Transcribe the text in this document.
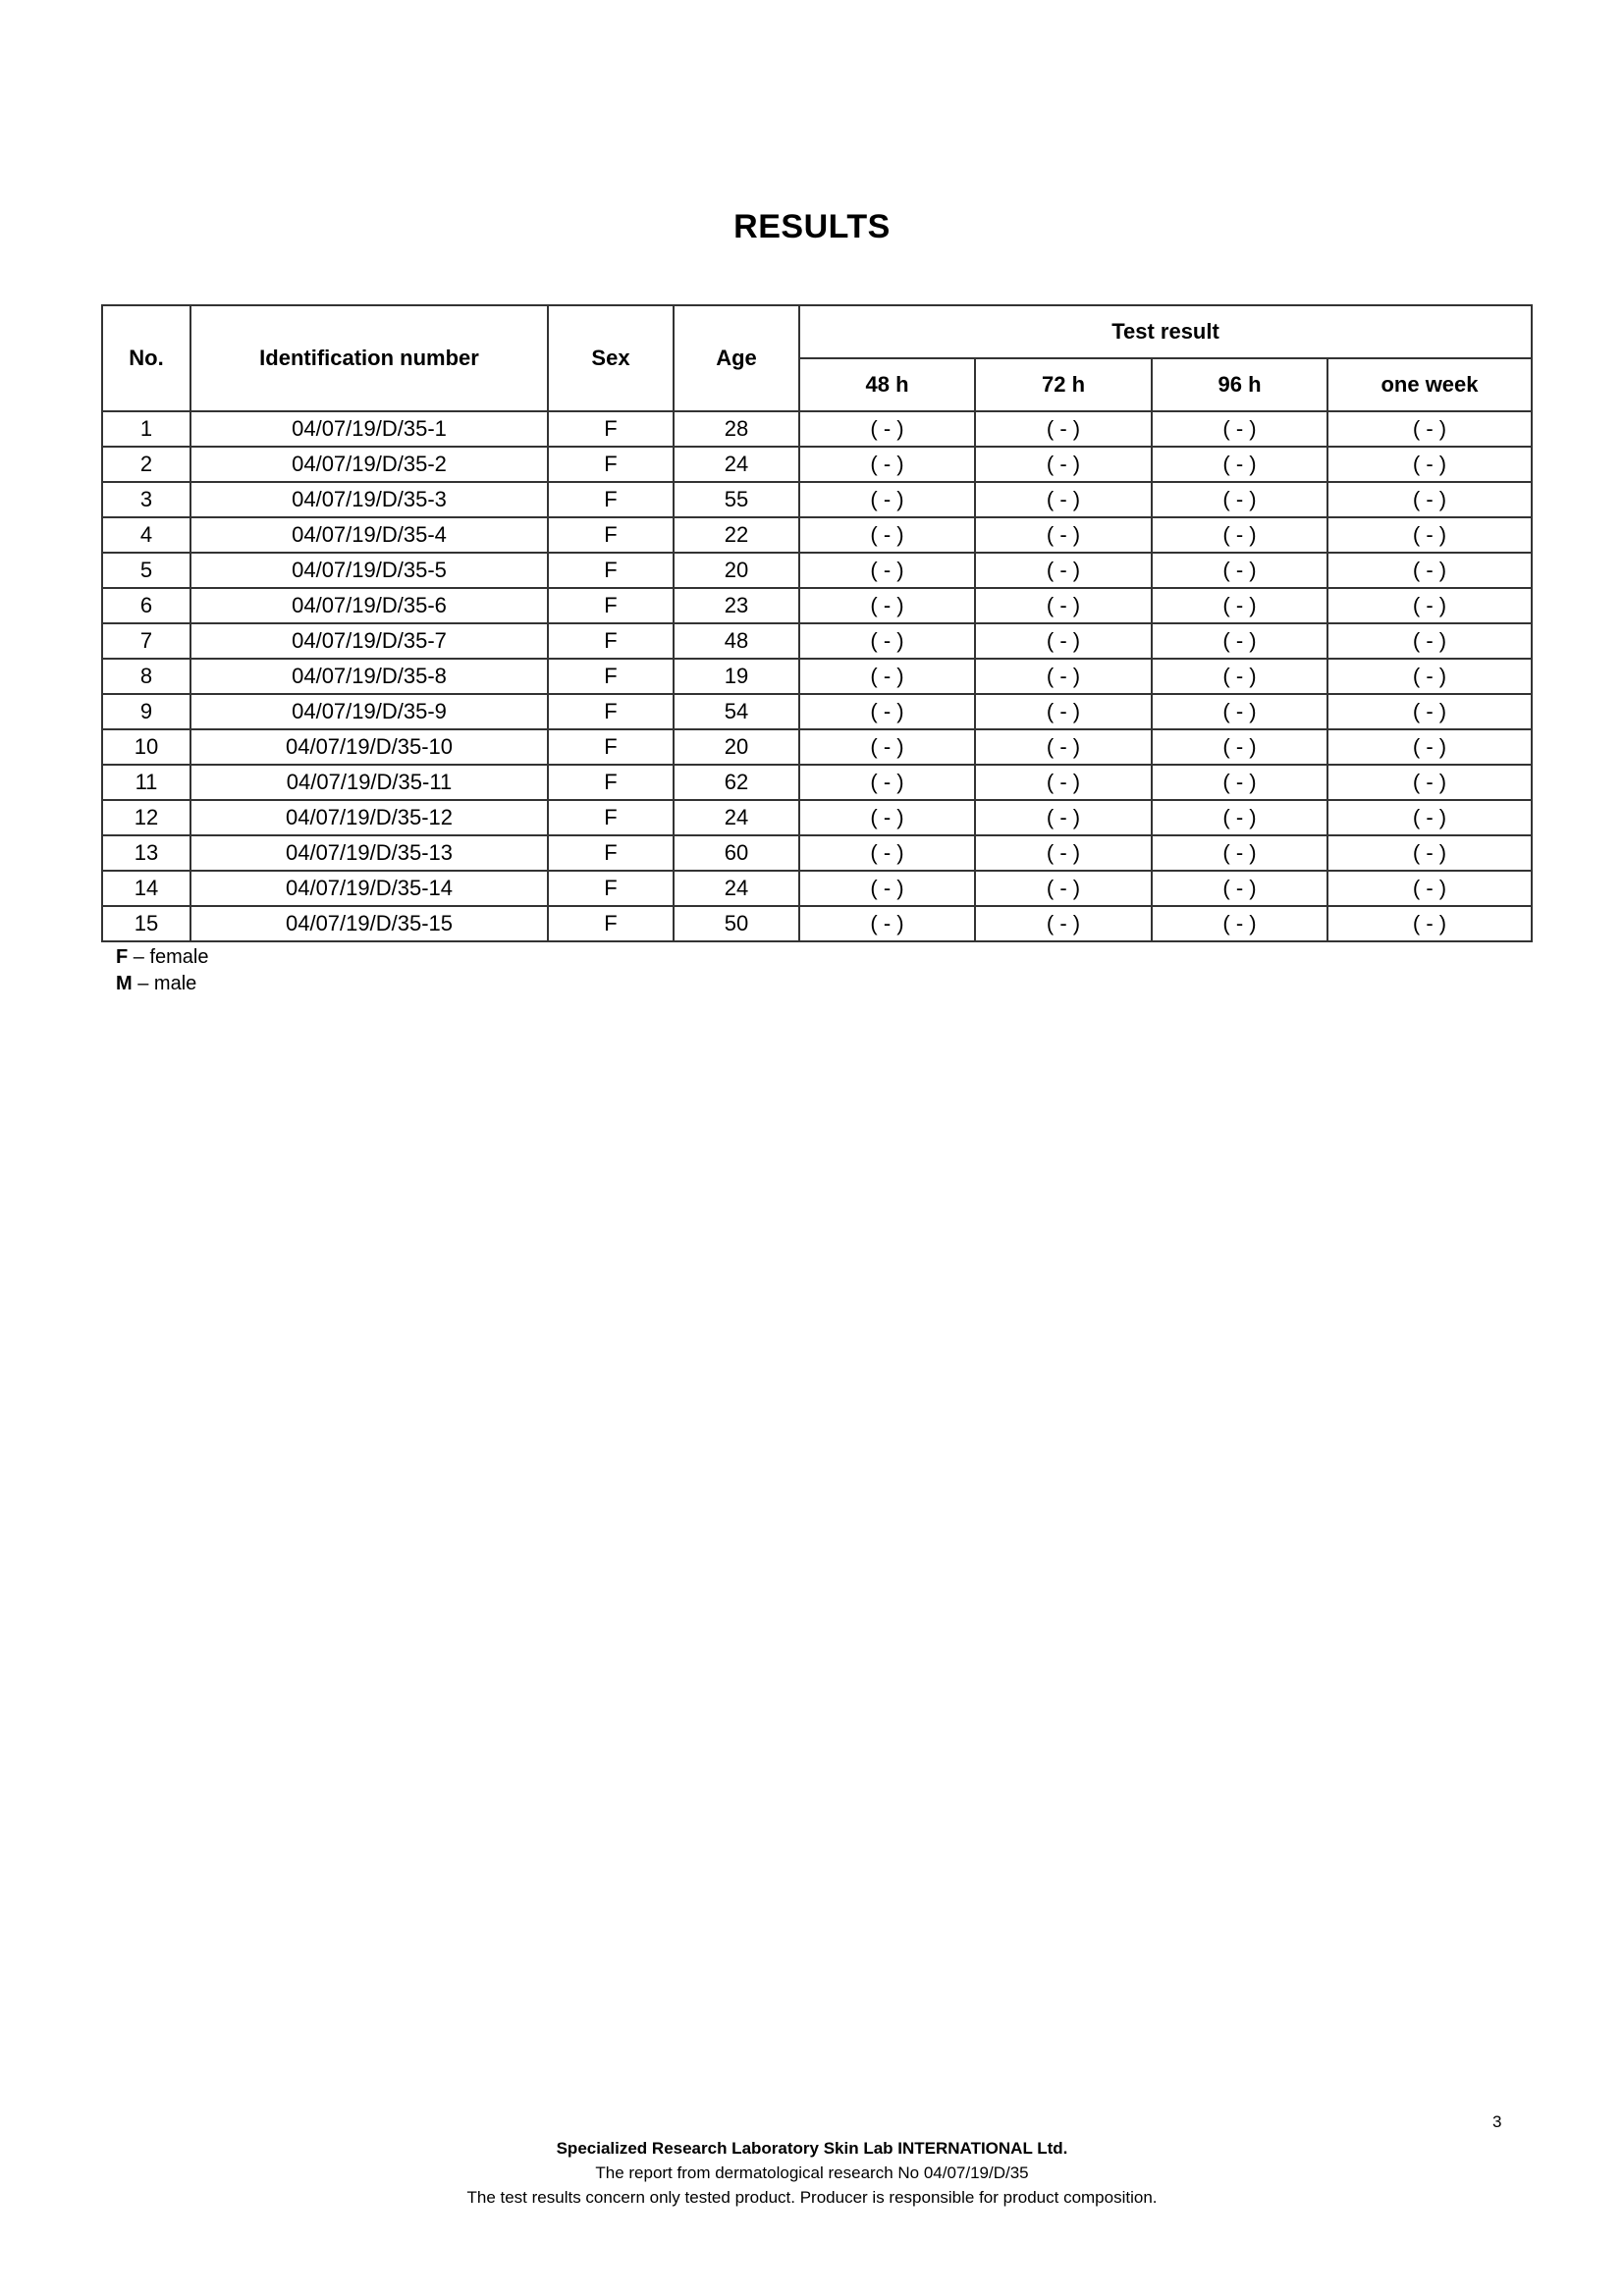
RESULTS
No.	Identification number	Sex	Age	Test result			
				48 h	72 h	96 h	one week
1	04/07/19/D/35-1	F	28	( - )	( - )	( - )	( - )
2	04/07/19/D/35-2	F	24	( - )	( - )	( - )	( - )
3	04/07/19/D/35-3	F	55	( - )	( - )	( - )	( - )
4	04/07/19/D/35-4	F	22	( - )	( - )	( - )	( - )
5	04/07/19/D/35-5	F	20	( - )	( - )	( - )	( - )
6	04/07/19/D/35-6	F	23	( - )	( - )	( - )	( - )
7	04/07/19/D/35-7	F	48	( - )	( - )	( - )	( - )
8	04/07/19/D/35-8	F	19	( - )	( - )	( - )	( - )
9	04/07/19/D/35-9	F	54	( - )	( - )	( - )	( - )
10	04/07/19/D/35-10	F	20	( - )	( - )	( - )	( - )
11	04/07/19/D/35-11	F	62	( - )	( - )	( - )	( - )
12	04/07/19/D/35-12	F	24	( - )	( - )	( - )	( - )
13	04/07/19/D/35-13	F	60	( - )	( - )	( - )	( - )
14	04/07/19/D/35-14	F	24	( - )	( - )	( - )	( - )
15	04/07/19/D/35-15	F	50	( - )	( - )	( - )	( - )
F – female
M – male
3
Specialized Research Laboratory Skin Lab INTERNATIONAL Ltd.
The report from dermatological research No 04/07/19/D/35
The test results concern only tested product. Producer is responsible for product composition.
